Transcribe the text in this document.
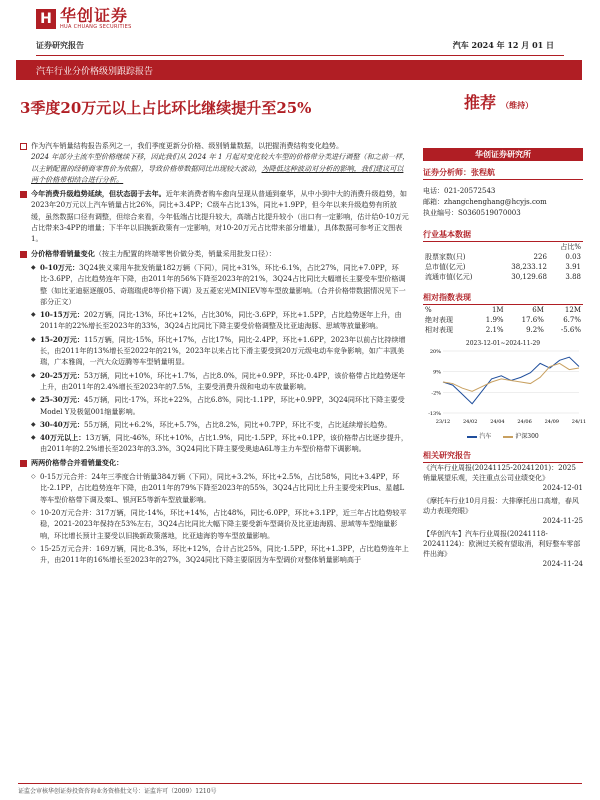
H 华创证券
HUA CHUANG SECURITIES
证券研究报告	汽车 2024 年 12 月 01 日
汽车行业分价格级别跟踪报告
3季度20万元以上占比环比继续提升至25%	推荐 （维持）
作为汽车销量结构报告系列之一，我们季度更新分价格、级别销量数据，以把握消费结构变化趋势。
2024 年部分主流车型价格继续下移，因此我们从 2024 年 1 月起对变化较大车型的价格带分类进行调整（和之前一样，以主销配置的经销商零售价为依据），导致价格带数据同比出现较大波动，为降低这种波动对分析的影响，我们建议可以两个价格带相结合进行分析。
今年消费升级趋势延续，但状态弱于去年。近年来消费者购车愈向呈现从普通到豪华，从中小到中大的消费升级趋势，如2023年20万元以上汽车销量占比26%，同比+3.4PP；C级车占比13%，同比+1.9PP，但今年以来升级趋势有所放缓，虽然数据口径有调整，但综合来看，今年低端占比提升较大，高端占比提升较小（出口有一定影响，估计给0-10万元占比带来3-4PP的增量；下半年以旧换新政策有一定影响，对10-20万元占比带来部分增量），具体数据可参考正文图表1。
分价格带看销量变化（按主力配置的终端零售价做分类，销量采用批发口径）：
◆ 0-10万元：3Q24狭义乘用车批发销量182万辆（下同），同比+31%，环比-6.1%，占比27%，同比+7.0PP，环比-3.6PP，占比趋势连年下降，由2011年的56%下降至2023年的21%，3Q24占比同比大幅增长主要受车型价格调整（如比亚迪驱逐舰05、奇瑞瑞虎8等价格下调）及五菱宏光MINIEV等车型放量影响。（合并价格带数据情况见下一部分正文）
◆ 10-15万元：202万辆，同比-13%，环比+12%，占比30%，同比-3.6PP，环比+1.5PP，占比趋势逐年上升，由2011年的22%增长至2023年的33%，3Q24占比同比下降主要受价格调整及比亚迪海豚、思域等放量影响。
◆ 15-20万元：115万辆，同比-15%，环比+17%，占比17%，同比-2.4PP，环比+1.6PP，2023年以前占比持续增长，由2011年的13%增长至2022年的21%，2023年以来占比下滑主要受到20万元级电动车竞争影响，如广丰凯美瑞，广本雅阁，一汽大众迈腾等车型销量明显。
◆ 20-25万元：53万辆，同比+10%，环比+1.7%，占比8.0%，同比+0.9PP，环比-0.4PP，该价格带占比趋势逐年上升，由2011年的2.4%增长至2023年的7.5%，主要受消费升级和电动车放量影响。
◆ 25-30万元：45万辆，同比-17%，环比+22%，占比6.8%，同比-1.1PP，环比+0.9PP，3Q24同环比下降主要受Model Y及极氪001缩量影响。
◆ 30-40万元：55万辆，同比+6.2%，环比+5.7%，占比8.2%，同比+0.7PP，环比不变，占比延续增长趋势。
◆ 40万元以上：13万辆，同比-46%，环比+10%，占比1.9%，同比-1.5PP，环比+0.1PP，该价格带占比逐步提升，由2011年的2.2%增长至2023年的3.3%，3Q24同比下降主要受奥迪A6L等主力车型价格带下调影响。
两两价格带合并看销量变化：
◇ 0-15万元合并：24年三季度合计销量384万辆（下同），同比+3.2%，环比+2.5%，占比58%，同比+3.4PP，环比-2.1PP，占比趋势连年下降，由2011年的79%下降至2023年的55%，3Q24占比同比上升主要受宋Plus、星越L等车型价格带下调及秦L、银河E5等新车型放量影响。
◇ 10-20万元合并：317万辆，同比-14%，环比+14%，占比48%，同比-6.0PP，环比+3.1PP，近三年占比趋势较平稳，2021-2023年保持在53%左右，3Q24占比同比大幅下降主要受新车型调价及比亚迪海鸥、思域等车型缩量影响，环比增长预计主要受以旧换新政策落地，比亚迪海豹等车型放量影响。
◇ 15-25万元合并：169万辆，同比-8.3%，环比+12%，合计占比25%，同比-1.5PP，环比+1.3PP，占比趋势连年上升，由2011年的16%增长至2023年的27%，3Q24同比下降主要原因为车型调价对整体销量影响高于
华创证券研究所
证券分析师：张程航
电话：021-20572543
邮箱：zhangchenghang@hcyjs.com
执业编号：S0360519070003
行业基本数据
		占比%
股票家数(只)	226	0.03
总市值(亿元)	38,233.12	3.91
流通市值(亿元)	30,129.68	3.88
相对指数表现
%	1M	6M	12M
绝对表现	1.9%	17.6%	6.7%
相对表现	2.1%	9.2%	-5.6%
2023-12-01~2024-11-29
20%
9%
-2%
-13%
23/12	24/02	24/04	24/06	24/09	24/11
汽车	沪深300
相关研究报告
《汽车行业周报(20241125-20241201)：2025 销量展望乐观，关注重点公司业绩变化》
2024-12-01
《摩托车行业10月月报：大排摩托出口高增，春风动力表现亮眼》
2024-11-25
【华创汽车】汽车行业周报(20241118-20241124)：欧洲过关税有望取消，利好整车零部件出海》
2024-11-24
证监会审核华创证券投资咨询业务资格批文号：证监许可（2009）1210号
